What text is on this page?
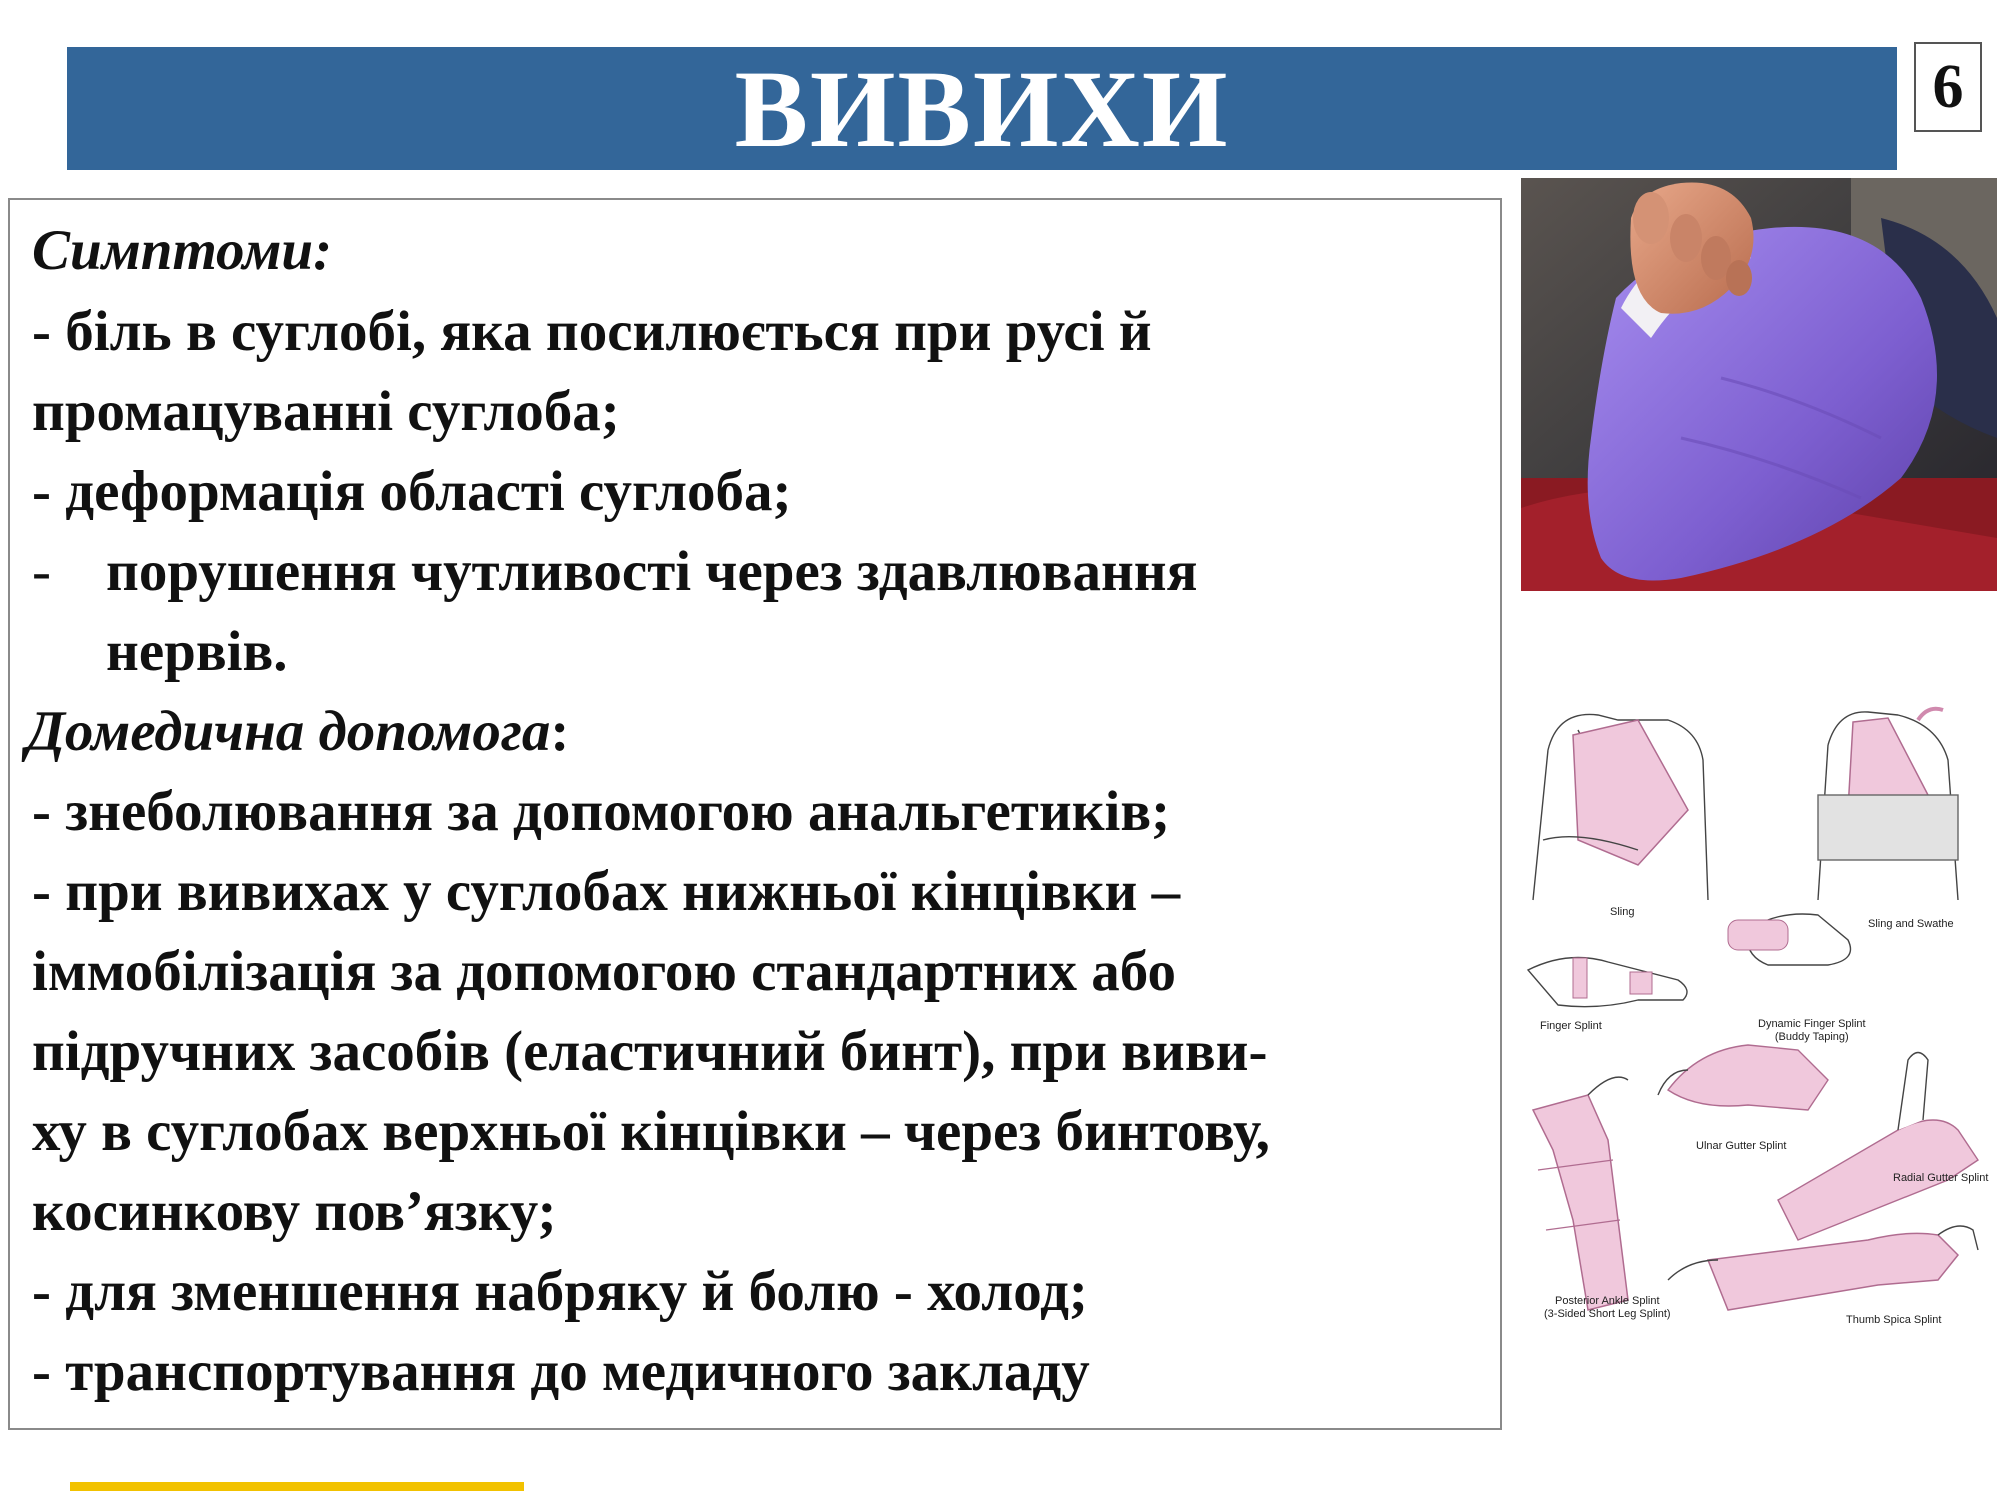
ВИВИХИ	6
Симптоми:
- біль в суглобі, яка посилюється при русі й
промацуванні суглоба;
- деформація області суглоба;
- порушення чутливості через здавлювання
нервів.
Домедична допомога:
- знеболювання за допомогою анальгетиків;
- при вивихах у суглобах нижньої кінцівки –
іммобілізація за допомогою стандартних або
підручних засобів (еластичний бинт), при виви-
ху в суглобах верхньої кінцівки – через бинтову,
косинкову пов’язку;
- для зменшення набряку й болю - холод;
- транспортування до медичного закладу
Sling
Sling and Swathe
Finger Splint	Dynamic Finger Splint
(Buddy Taping)
Ulnar Gutter Splint
Radial Gutter Splint
Posterior Ankle Splint
(3-Sided Short Leg Splint)
Thumb Spica Splint
